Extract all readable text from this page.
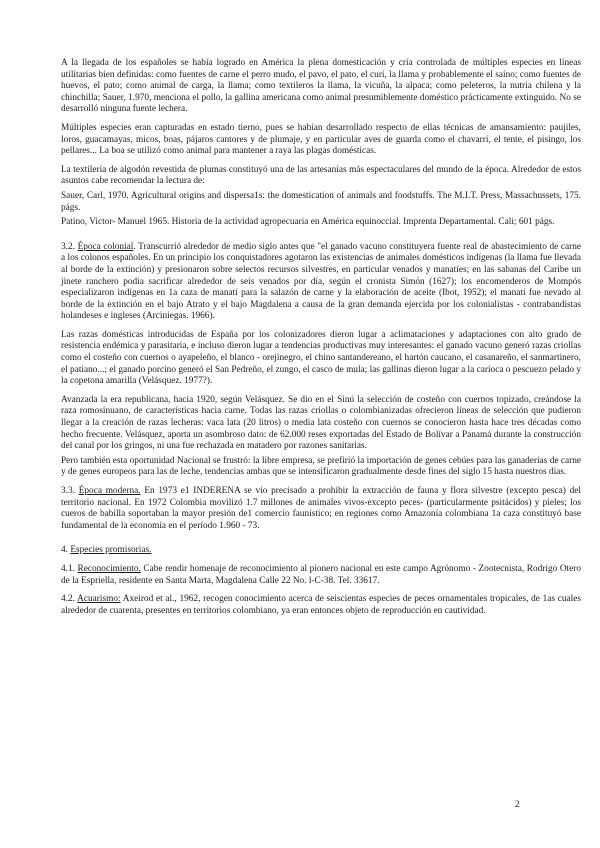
A la llegada de los españoles se había logrado en América la plena domesticación y cría controlada de múltiples especies en líneas utilitarias bien definidas: como fuentes de carne el perro mudo, el pavo, el pato, el curí, la llama y probablemente el saíno; como fuentes de huevos, el pato; como animal de carga, la llama; como textileros la llama, la vicuña, la alpaca; como peleteros, la nutria chilena y la chinchilla; Sauer, 1.970, menciona el pollo, la gallina americana como animal presumiblemente doméstico prácticamente extinguido. No se desarrolló ninguna fuente lechera.

Múltiples especies eran capturadas en estado tierno, pues se habían desarrollado respecto de ellas técnicas de amansamiento: paujiles, loros, guacamayas, micos, boas, pájaros cantores y de plumaje, y en particular aves de guarda como el chavarrí, el tente, el pisingo, los pellares... La boa se utilizó como animal para mantener a raya las plagas domésticas.

La textilería de algodón revestida de plumas constituyó una de las artesanías más espectaculares del mundo de la época. Alrededor de estos asuntos cabe recomendar la lectura de:

Sauer, Carl, 1970. Agricultural origins and dispersa1s: the domestication of animals and foodstuffs. The M.I.T. Press, Massachussets, 175. págs.

Patino, Victor- Manuel 1965. Historia de la actividad agropecuaria en América equinoccial. Imprenta Departamental. Cali; 601 págs.

3.2. Época colonial. Transcurrió alrededor de medio siglo antes que "el ganado vacuno constituyera fuente real de abastecimiento de carne a los colonos españoles. En un principio los conquistadores agotaron las existencias de animales domésticos indígenas (la llama fue llevada al borde de la extinción) y presionaron sobre selectos recursos silvestres, en particular venados y manatíes; en las sabanas del Caribe un jinete ranchero podía sacrificar alrededor de seis venados por día, según el cronista Simón (1627); los encomenderos de Mompós especializaron indígenas en 1a caza de manatí para la salazón de carne y la elaboración de aceite (Ibot, 1952); el manatí fue nevado al borde de la extinción en el bajo Atrato y el bajo Magdalena a causa de la gran demanda ejercida por los colonialistas - contrabandistas holandeses e ingleses (Arciniegas. 1966).

Las razas domésticas introducidas de España por los colonizadores dieron lugar a aclimataciones y adaptaciones con alto grado de resistencia endémica y parasitaria, e incluso dieron lugar a tendencias productivas muy interesantes: el ganado vacuno generó razas criollas como el costeño con cuernos o ayapeleño, el blanco - orejinegro, el chino santandereano, el hartón caucano, el casanareño, el sanmartinero, el patiano...; el ganado porcino generó el San Pedreño, el zungo, el casco de mula; las gallinas dieron lugar a la carioca o pescuezo pelado y la copetona amarilla (Velásquez. 1977?).

Avanzada la era republicana, hacia 1920, según Velásquez. Se dio en el Sinú la selección de costeño con cuernos topizado, creándose la raza romosinuano, de características hacia carne. Todas las razas criollas o colombianizadas ofrecieron líneas de selección que pudieron llegar a la creación de razas lecheras: vaca lata (20 litros) o media lata costeño con cuernos se conocieron hasta hace tres décadas como hecho frecuente. Velásquez, aporta un asombroso dato: de 62.000 reses exportadas del Estado de Bolívar a Panamá durante la construcción del canal por los gringos, ni una fue rechazada en matadero por razones sanitarias.

Pero también esta oportunidad Nacional se frustró: la libre empresa, se prefirió la importación de genes cebúes para las ganaderías de carne y de genes europeos para las de leche, tendencias ambas que se intensificaron gradualmente desde fines del siglo 15 hasta nuestros días.

3.3. Época moderna. En 1973 e1 INDERENA se vio precisado a prohibir la extracción de fauna y flora silvestre (excepto pesca) del territorio nacional. En 1972 Colombia movilizó 1.7 millones de animales vivos-excepto peces- (particularmente psitácidos) y pieles; los cueros de babilla soportaban la mayor presión de1 comercio faunístico; en regiones como Amazonía colombiana 1a caza constituyó base fundamental de la economía en el período 1.960 - 73.

4. Especies promisorias.

4.1. Reconocimiento. Cabe rendir homenaje de reconocimiento al pionero nacional en este campo Agrónomo - Zootecnista, Rodrigo Otero de la Espriella, residente en Santa Marta, Magdalena Calle 22 No. l-C-38. Tel. 33617.

4.2. Acuarismo: Axeirod et al., 1962, recogen conocimiento acerca de seiscientas especies de peces ornamentales tropicales, de 1as cuales alrededor de cuarenta, presentes en territorios colombiano, ya eran entonces objeto de reproducción en cautividad.

2
